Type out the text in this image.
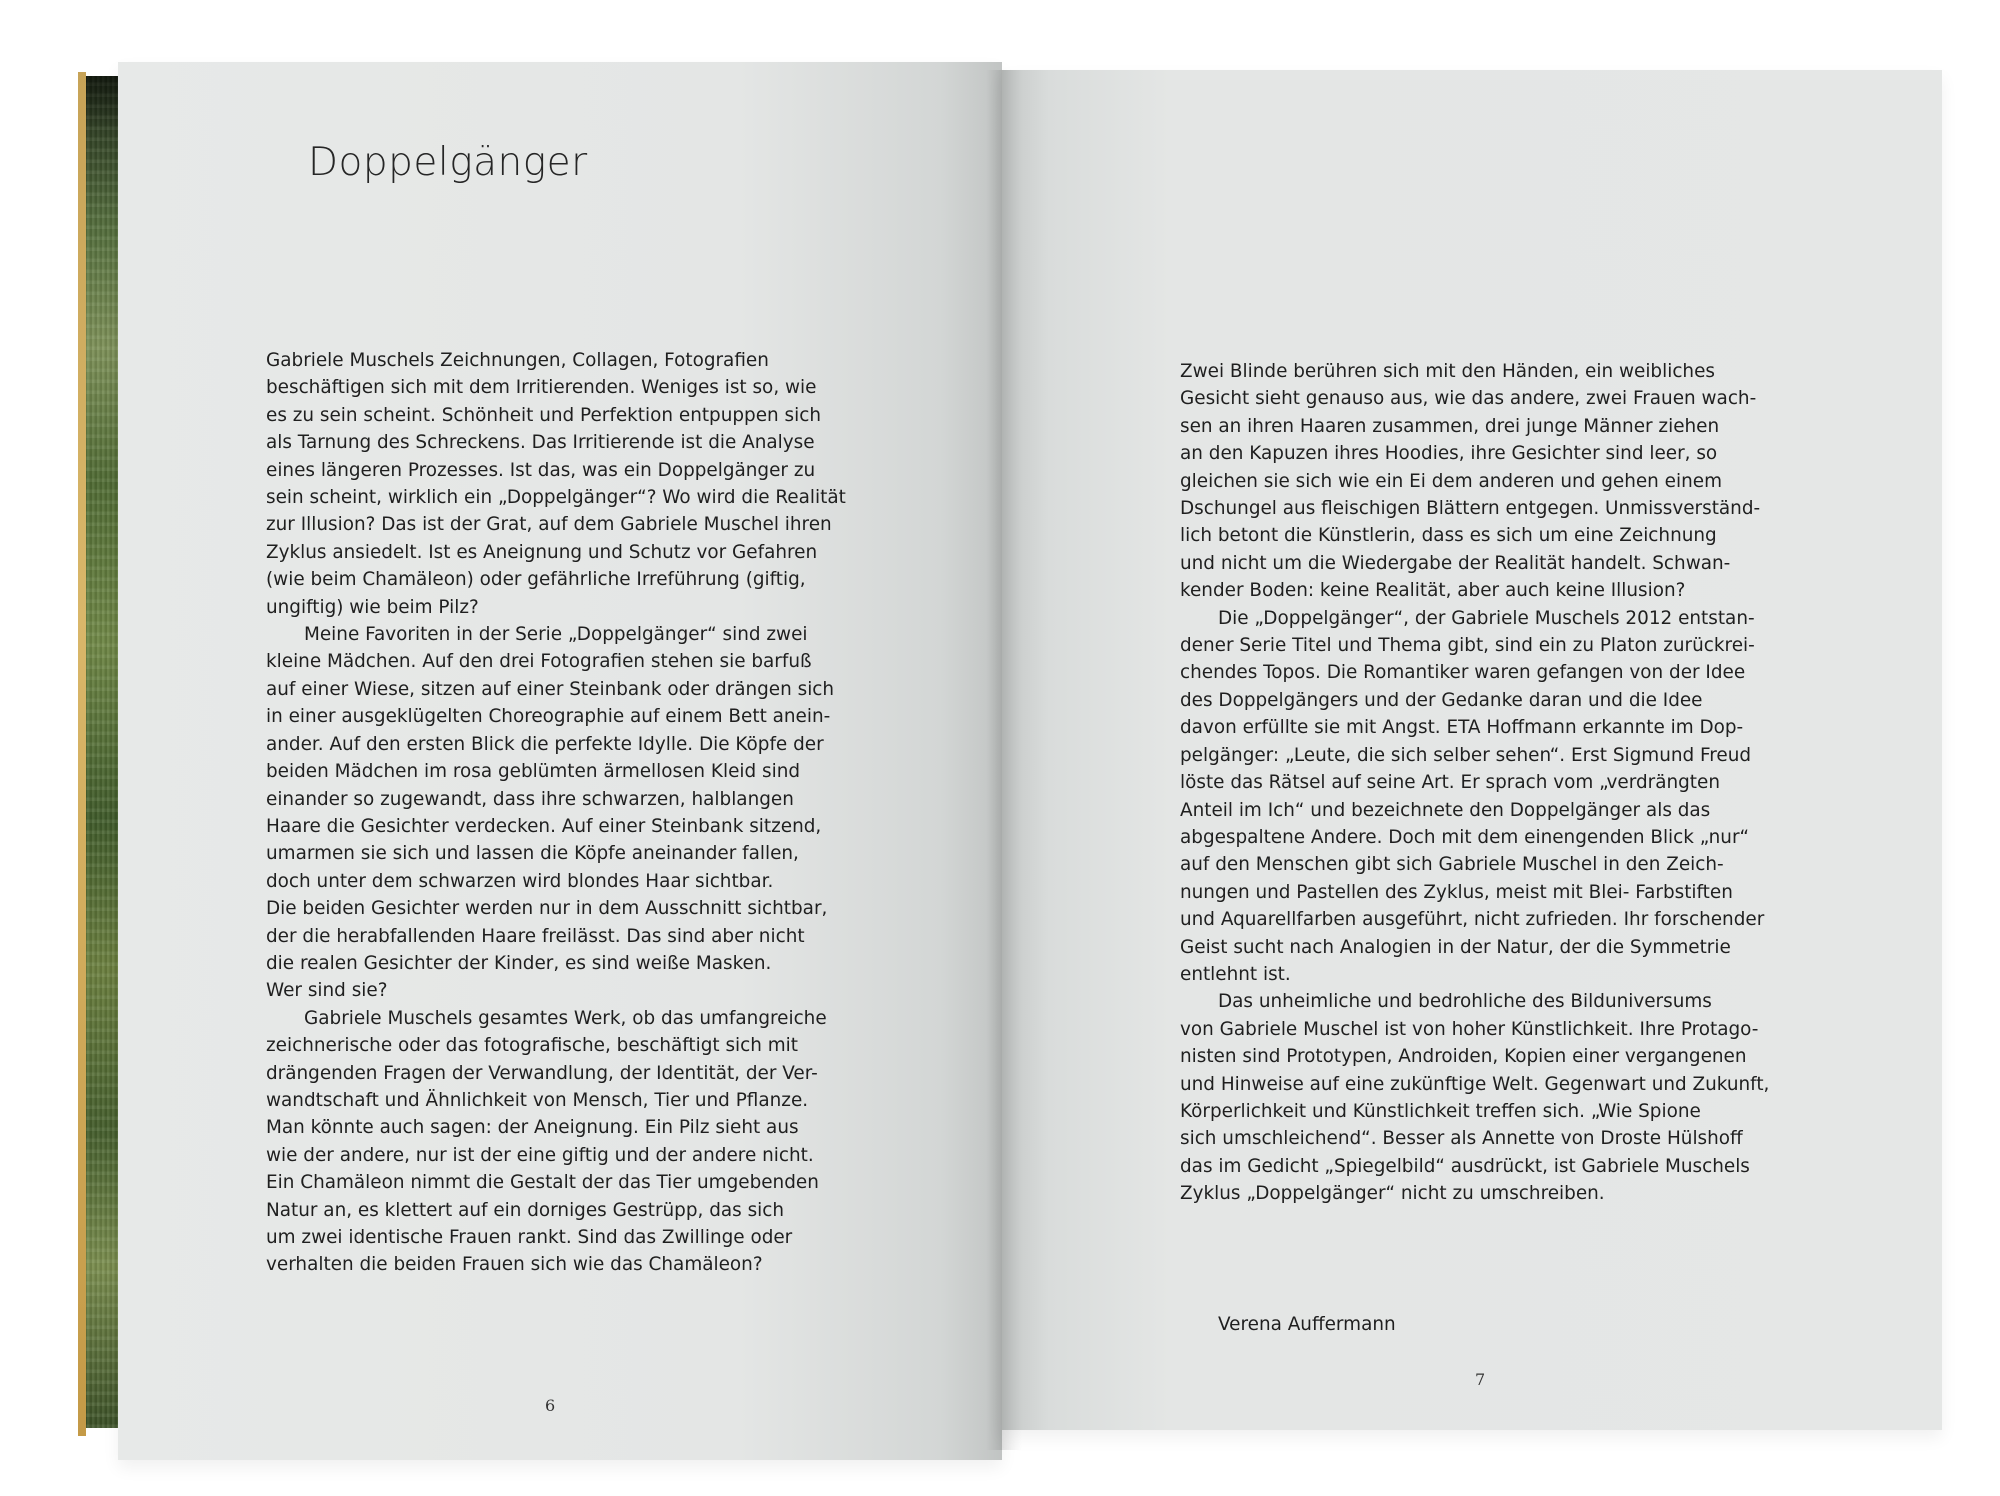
Doppelgänger
Gabriele Muschels Zeichnungen, Collagen, Fotografien
beschäftigen sich mit dem Irritierenden. Weniges ist so, wie
es zu sein scheint. Schönheit und Perfektion entpuppen sich
als Tarnung des Schreckens. Das Irritierende ist die Analyse
eines längeren Prozesses. Ist das, was ein Doppelgänger zu
sein scheint, wirklich ein „Doppelgänger“? Wo wird die Realität
zur Illusion? Das ist der Grat, auf dem Gabriele Muschel ihren
Zyklus ansiedelt. Ist es Aneignung und Schutz vor Gefahren
(wie beim Chamäleon) oder gefährliche Irreführung (giftig,
ungiftig) wie beim Pilz?
Meine Favoriten in der Serie „Doppelgänger“ sind zwei
kleine Mädchen. Auf den drei Fotografien stehen sie barfuß
auf einer Wiese, sitzen auf einer Steinbank oder drängen sich
in einer ausgeklügelten Choreographie auf einem Bett anein-
ander. Auf den ersten Blick die perfekte Idylle. Die Köpfe der
beiden Mädchen im rosa geblümten ärmellosen Kleid sind
einander so zugewandt, dass ihre schwarzen, halblangen
Haare die Gesichter verdecken. Auf einer Steinbank sitzend,
umarmen sie sich und lassen die Köpfe aneinander fallen,
doch unter dem schwarzen wird blondes Haar sichtbar.
Die beiden Gesichter werden nur in dem Ausschnitt sichtbar,
der die herabfallenden Haare freilässt. Das sind aber nicht
die realen Gesichter der Kinder, es sind weiße Masken.
Wer sind sie?
Gabriele Muschels gesamtes Werk, ob das umfangreiche
zeichnerische oder das fotografische, beschäftigt sich mit
drängenden Fragen der Verwandlung, der Identität, der Ver-
wandtschaft und Ähnlichkeit von Mensch, Tier und Pflanze.
Man könnte auch sagen: der Aneignung. Ein Pilz sieht aus
wie der andere, nur ist der eine giftig und der andere nicht.
Ein Chamäleon nimmt die Gestalt der das Tier umgebenden
Natur an, es klettert auf ein dorniges Gestrüpp, das sich
um zwei identische Frauen rankt. Sind das Zwillinge oder
verhalten die beiden Frauen sich wie das Chamäleon?
6
Zwei Blinde berühren sich mit den Händen, ein weibliches
Gesicht sieht genauso aus, wie das andere, zwei Frauen wach-
sen an ihren Haaren zusammen, drei junge Männer ziehen
an den Kapuzen ihres Hoodies, ihre Gesichter sind leer, so
gleichen sie sich wie ein Ei dem anderen und gehen einem
Dschungel aus fleischigen Blättern entgegen. Unmissverständ-
lich betont die Künstlerin, dass es sich um eine Zeichnung
und nicht um die Wiedergabe der Realität handelt. Schwan-
kender Boden: keine Realität, aber auch keine Illusion?
Die „Doppelgänger“, der Gabriele Muschels 2012 entstan-
dener Serie Titel und Thema gibt, sind ein zu Platon zurückrei-
chendes Topos. Die Romantiker waren gefangen von der Idee
des Doppelgängers und der Gedanke daran und die Idee
davon erfüllte sie mit Angst. ETA Hoffmann erkannte im Dop-
pelgänger: „Leute, die sich selber sehen“. Erst Sigmund Freud
löste das Rätsel auf seine Art. Er sprach vom „verdrängten
Anteil im Ich“ und bezeichnete den Doppelgänger als das
abgespaltene Andere. Doch mit dem einengenden Blick „nur“
auf den Menschen gibt sich Gabriele Muschel in den Zeich-
nungen und Pastellen des Zyklus, meist mit Blei- Farbstiften
und Aquarellfarben ausgeführt, nicht zufrieden. Ihr forschender
Geist sucht nach Analogien in der Natur, der die Symmetrie
entlehnt ist.
Das unheimliche und bedrohliche des Bilduniversums
von Gabriele Muschel ist von hoher Künstlichkeit. Ihre Protago-
nisten sind Prototypen, Androiden, Kopien einer vergangenen
und Hinweise auf eine zukünftige Welt. Gegenwart und Zukunft,
Körperlichkeit und Künstlichkeit treffen sich. „Wie Spione
sich umschleichend“. Besser als Annette von Droste Hülshoff
das im Gedicht „Spiegelbild“ ausdrückt, ist Gabriele Muschels
Zyklus „Doppelgänger“ nicht zu umschreiben.
Verena Auffermann
7
